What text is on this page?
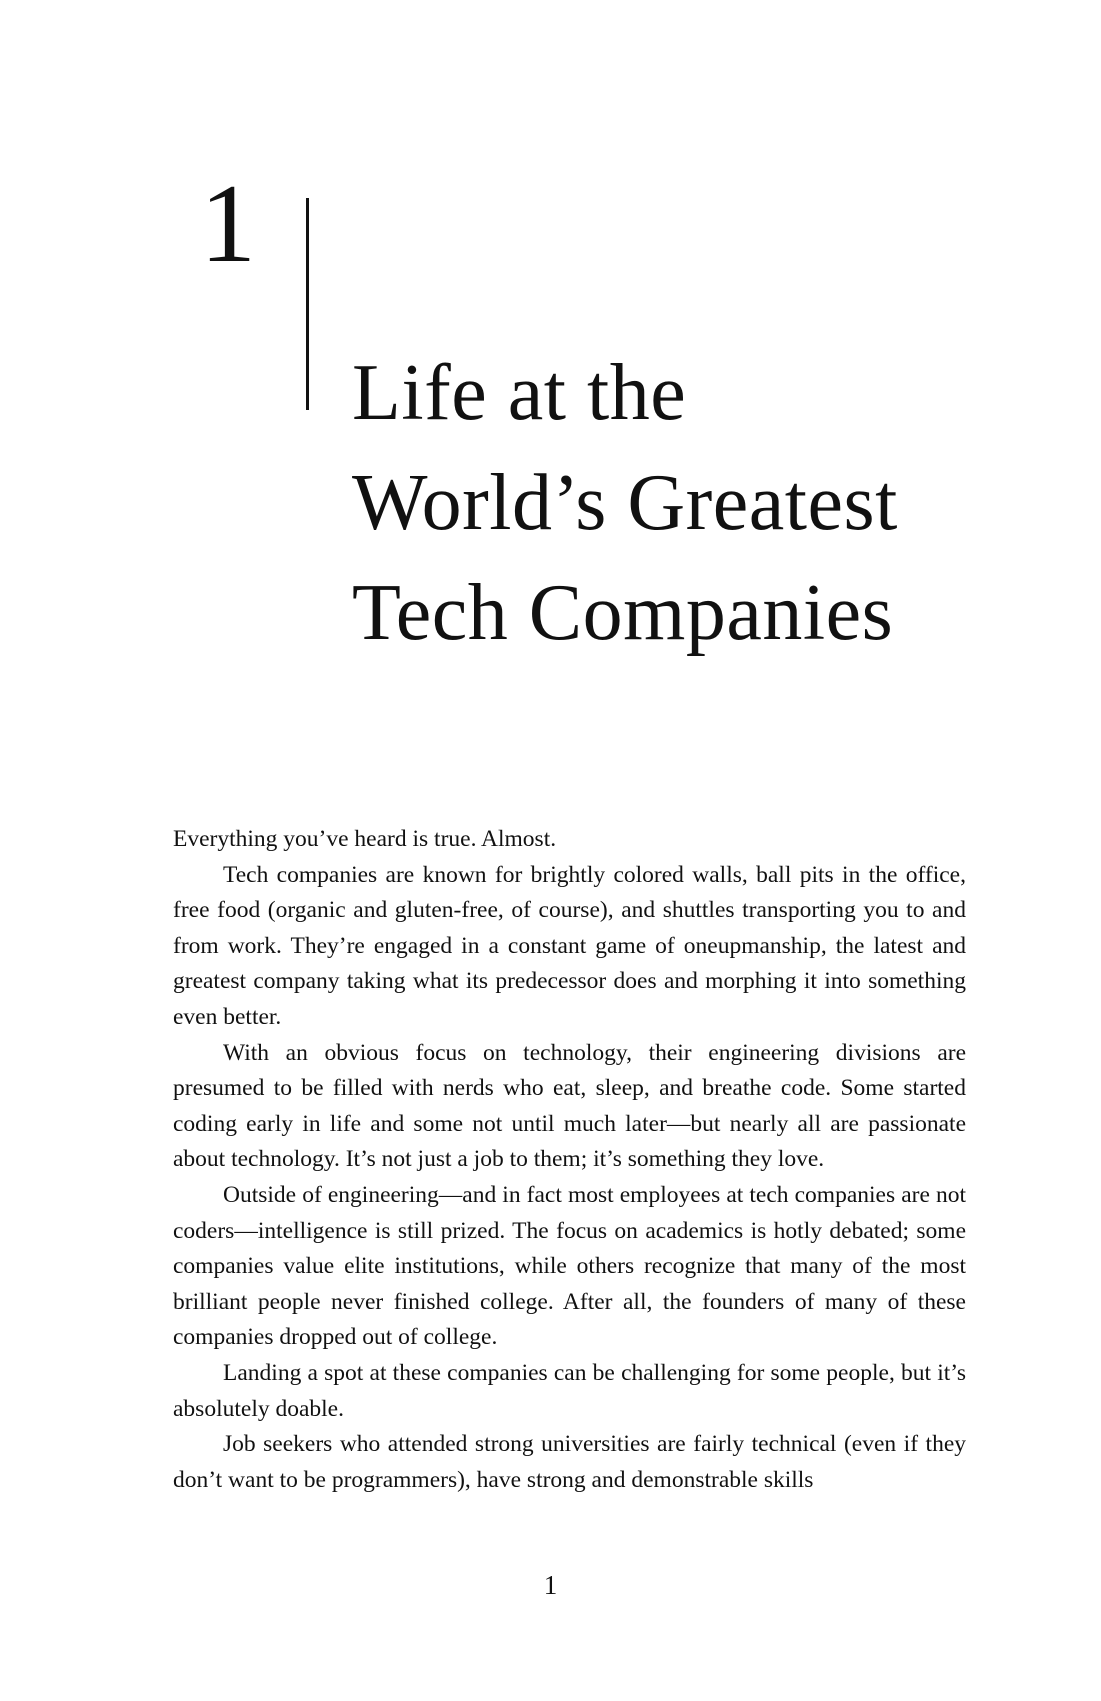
1
Life at the
World’s Greatest
Tech Companies

Everything you’ve heard is true. Almost.

Tech companies are known for brightly colored walls, ball pits in the office, free food (organic and gluten-free, of course), and shuttles transporting you to and from work. They’re engaged in a constant game of oneupmanship, the latest and greatest company taking what its predecessor does and morphing it into something even better.

With an obvious focus on technology, their engineering divisions are presumed to be filled with nerds who eat, sleep, and breathe code. Some started coding early in life and some not until much later—but nearly all are passionate about technology. It’s not just a job to them; it’s something they love.

Outside of engineering—and in fact most employees at tech companies are not coders—intelligence is still prized. The focus on academics is hotly debated; some companies value elite institutions, while others recognize that many of the most brilliant people never finished college. After all, the founders of many of these companies dropped out of college.

Landing a spot at these companies can be challenging for some people, but it’s absolutely doable.

Job seekers who attended strong universities are fairly technical (even if they don’t want to be programmers), have strong and demonstrable skills

1
